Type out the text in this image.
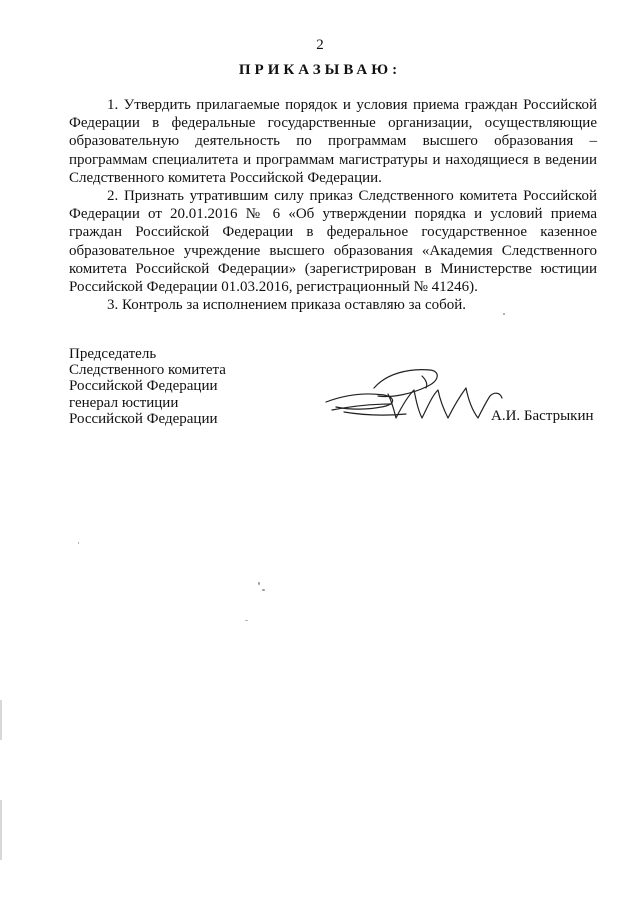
2
ПРИКАЗЫВАЮ:

1. Утвердить прилагаемые порядок и условия приема граждан Российской Федерации в федеральные государственные организации, осуществляющие образовательную деятельность по программам высшего образования – программам специалитета и программам магистратуры и находящиеся в ведении Следственного комитета Российской Федерации.

2. Признать утратившим силу приказ Следственного комитета Российской Федерации от 20.01.2016 № 6 «Об утверждении порядка и условий приема граждан Российской Федерации в федеральное государственное казенное образовательное учреждение высшего образования «Академия Следственного комитета Российской Федерации» (зарегистрирован в Министерстве юстиции Российской Федерации 01.03.2016, регистрационный № 41246).

3. Контроль за исполнением приказа оставляю за собой.

Председатель
Следственного комитета
Российской Федерации
генерал юстиции
Российской Федерации	А.И. Бастрыкин
